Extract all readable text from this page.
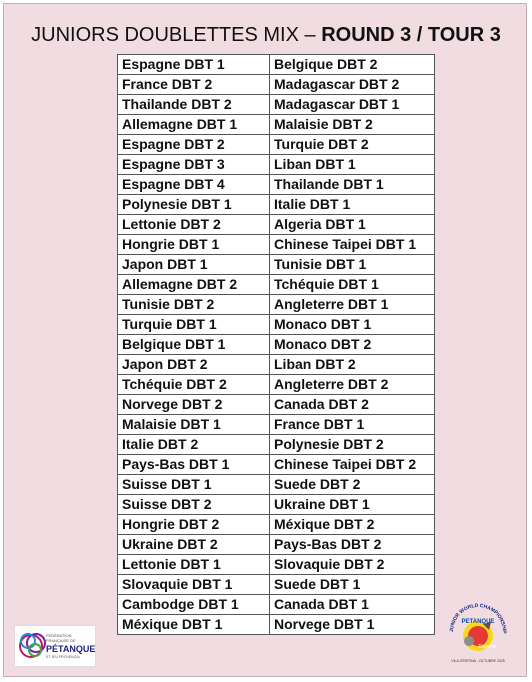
JUNIORS DOUBLETTES MIX – ROUND 3 / TOUR 3
Espagne DBT 1	Belgique DBT 2
France DBT 2	Madagascar DBT 2
Thailande DBT 2	Madagascar DBT 1
Allemagne DBT 1	Malaisie DBT 2
Espagne DBT 2	Turquie DBT 2
Espagne DBT 3	Liban DBT 1
Espagne DBT 4	Thailande DBT 1
Polynesie DBT 1	Italie DBT 1
Lettonie DBT 2	Algeria DBT 1
Hongrie DBT 1	Chinese Taipei DBT 1
Japon DBT 1	Tunisie DBT 1
Allemagne DBT 2	Tchéquie DBT 1
Tunisie DBT 2	Angleterre DBT 1
Turquie DBT 1	Monaco DBT 1
Belgique DBT 1	Monaco DBT 2
Japon DBT 2	Liban DBT 2
Tchéquie DBT 2	Angleterre DBT 2
Norvege DBT 2	Canada DBT 2
Malaisie DBT 1	France DBT 1
Italie DBT 2	Polynesie DBT 2
Pays-Bas DBT 1	Chinese Taipei DBT 2
Suisse DBT 1	Suede DBT 2
Suisse DBT 2	Ukraine DBT 1
Hongrie DBT 2	Méxique DBT 2
Ukraine DBT 2	Pays-Bas DBT 2
Lettonie DBT 1	Slovaquie DBT 2
Slovaquie DBT 1	Suede DBT 1
Cambodge DBT 1	Canada DBT 1
Méxique DBT 1	Norvege DBT 1
FÉDÉRATION
FRANÇAISE DE
PÉTANQUE
ET JEU PROVENÇAL
JUNIOR WORLD CHAMPIONSHIP
PETANQUE
España
VILA CRISTINA - OCTUBRE 2025
